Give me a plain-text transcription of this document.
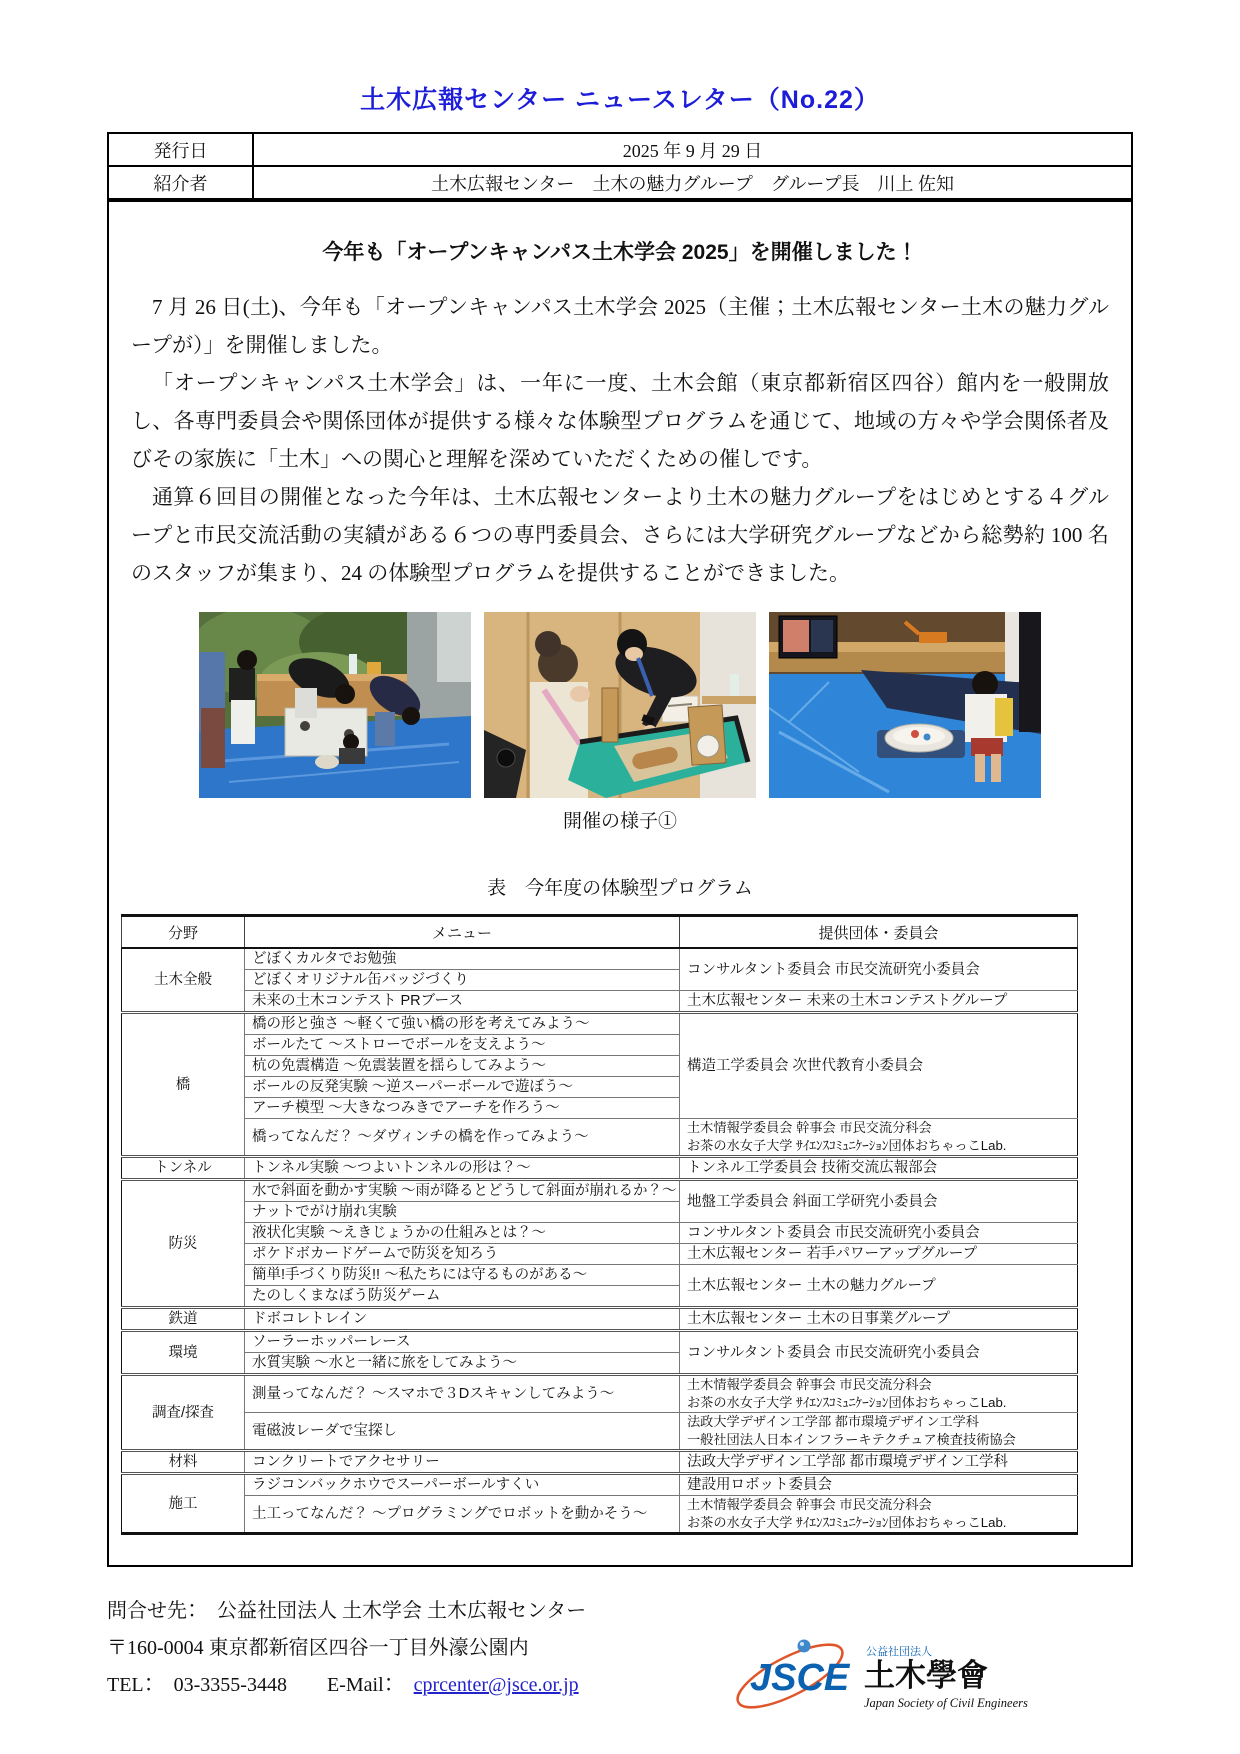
土木広報センター ニュースレター（No.22）
発行日	2025 年 9 月 29 日
紹介者	土木広報センター　土木の魅力グループ　グループ長　川上 佐知
今年も「オープンキャンパス土木学会 2025」を開催しました！

7 月 26 日(土)、今年も「オープンキャンパス土木学会 2025（主催；土木広報センター土木の魅力グループが）」を開催しました。

「オープンキャンパス土木学会」は、一年に一度、土木会館（東京都新宿区四谷）館内を一般開放し、各専門委員会や関係団体が提供する様々な体験型プログラムを通じて、地域の方々や学会関係者及びその家族に「土木」への関心と理解を深めていただくための催しです。

通算６回目の開催となった今年は、土木広報センターより土木の魅力グループをはじめとする４グループと市民交流活動の実績がある６つの専門委員会、さらには大学研究グループなどから総勢約 100 名のスタッフが集まり、24 の体験型プログラムを提供することができました。

開催の様子①
表　今年度の体験型プログラム
分野	メニュー	提供団体・委員会
土木全般	どぼくカルタでお勉強	コンサルタント委員会 市民交流研究小委員会
	どぼくオリジナル缶バッジづくり	
	未来の土木コンテスト PRブース	土木広報センター 未来の土木コンテストグループ
橋	橋の形と強さ ～軽くて強い橋の形を考えてみよう～	構造工学委員会 次世代教育小委員会
	ボールたて ～ストローでボールを支えよう～	
	杭の免震構造 ～免震装置を揺らしてみよう～	
	ボールの反発実験 ～逆スーパーボールで遊ぼう～	
	アーチ模型 ～大きなつみきでアーチを作ろう～	
	橋ってなんだ？ ～ダヴィンチの橋を作ってみよう～	土木情報学委員会 幹事会 市民交流分科会
お茶の水女子大学 ｻｲｴﾝｽｺﾐｭﾆｹｰｼｮﾝ団体おちゃっこLab.

トンネル	トンネル実験 ～つよいトンネルの形は？～	トンネル工学委員会 技術交流広報部会
防災	水で斜面を動かす実験 ～雨が降るとどうして斜面が崩れるか？～	地盤工学委員会 斜面工学研究小委員会
	ナットでがけ崩れ実験	
	液状化実験 ～えきじょうかの仕組みとは？～	コンサルタント委員会 市民交流研究小委員会
	ポケドボカードゲームで防災を知ろう	土木広報センター 若手パワーアップグループ
	簡単!手づくり防災!! ～私たちには守るものがある～	土木広報センター 土木の魅力グループ
	たのしくまなぼう防災ゲーム	
鉄道	ドボコレトレイン	土木広報センター 土木の日事業グループ
環境	ソーラーホッパーレース	コンサルタント委員会 市民交流研究小委員会
	水質実験 ～水と一緒に旅をしてみよう～	
調査/探査	測量ってなんだ？ ～スマホで３Dスキャンしてみよう～	土木情報学委員会 幹事会 市民交流分科会
お茶の水女子大学 ｻｲｴﾝｽｺﾐｭﾆｹｰｼｮﾝ団体おちゃっこLab.

	電磁波レーダで宝探し	法政大学デザイン工学部 都市環境デザイン工学科
一般社団法人日本インフラーキテクチュア検査技術協会

材料	コンクリートでアクセサリー	法政大学デザイン工学部 都市環境デザイン工学科
施工	ラジコンバックホウでスーパーボールすくい	建設用ロボット委員会
	土工ってなんだ？ ～プログラミングでロボットを動かそう～	土木情報学委員会 幹事会 市民交流分科会
お茶の水女子大学 ｻｲｴﾝｽｺﾐｭﾆｹｰｼｮﾝ団体おちゃっこLab.
問合せ先：　公益社団法人 土木学会 土木広報センター
〒160-0004 東京都新宿区四谷一丁目外濠公園内
TEL：　03-3355-3448　　E-Mail：　cprcenter@jsce.or.jp	JSCE
公益社団法人
土木學會
Japan Society of Civil Engineers
